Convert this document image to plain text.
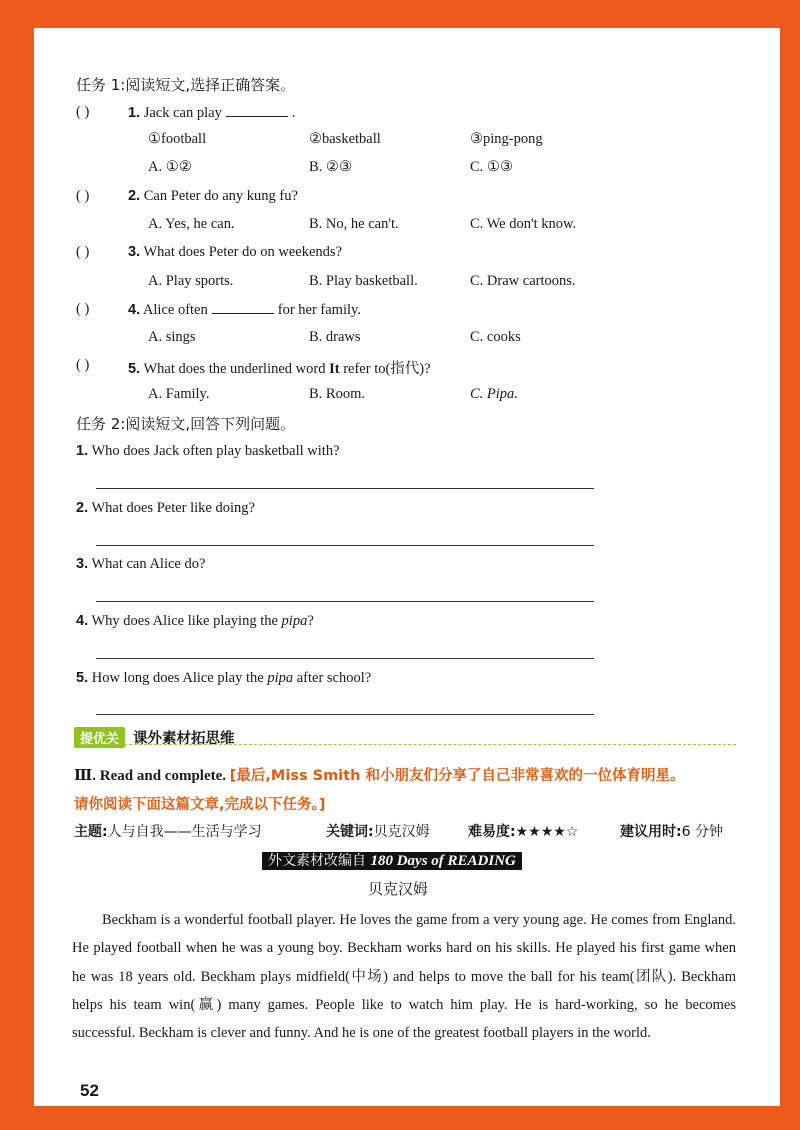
任务 1:阅读短文,选择正确答案。
( )	1. Jack can play	.
①football	②basketball	③ping-pong
A. ①②	B. ②③	C. ①③
( )	2. Can Peter do any kung fu?
A. Yes, he can.	B. No, he can't.	C. We don't know.
( )	3. What does Peter do on weekends?
A. Play sports.	B. Play basketball.	C. Draw cartoons.
( )	4. Alice often	for her family.
A. sings	B. draws	C. cooks
( )	5. What does the underlined word It refer to(指代)?
A. Family.	B. Room.	C. Pipa.
任务 2:阅读短文,回答下列问题。
1. Who does Jack often play basketball with?
2. What does Peter like doing?
3. What can Alice do?
4. Why does Alice like playing the pipa?
5. How long does Alice play the pipa after school?
提优关 课外素材拓思维
Ⅲ. Read and complete. [最后,Miss Smith 和小朋友们分享了自己非常喜欢的一位体育明星。
请你阅读下面这篇文章,完成以下任务。]
主题:人与自我——生活与学习	关键词:贝克汉姆	难易度:★★★★☆	建议用时:6 分钟
外文素材改编自 180 Days of READING
贝克汉姆

Beckham is a wonderful football player. He loves the game from a very young age. He comes from England. He played football when he was a young boy. Beckham works hard on his skills. He played his first game when he was 18 years old. Beckham plays midfield(中场) and helps to move the ball for his team(团队). Beckham helps his team win(赢) many games. People like to watch him play. He is hard-working, so he becomes successful. Beckham is clever and funny. And he is one of the greatest football players in the world.

52
